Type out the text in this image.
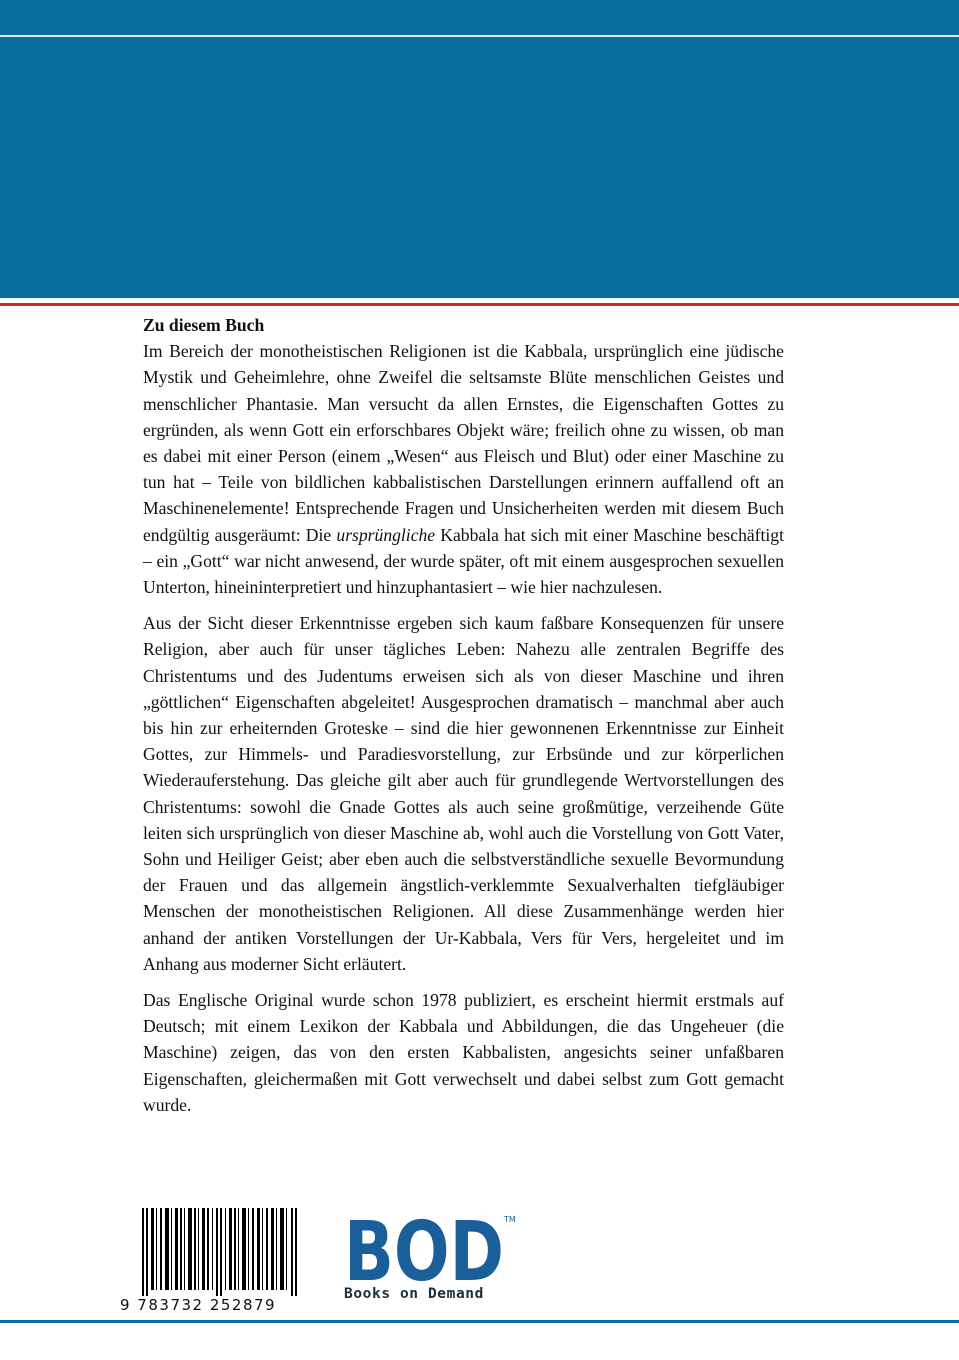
Zu diesem Buch

Im Bereich der monotheistischen Religionen ist die Kabbala, ursprünglich eine jüdische Mystik und Geheimlehre, ohne Zweifel die seltsamste Blüte menschlichen Geistes und menschlicher Phantasie. Man versucht da allen Ernstes, die Eigenschaften Gottes zu ergründen, als wenn Gott ein erforschbares Objekt wäre; freilich ohne zu wissen, ob man es dabei mit einer Person (einem „Wesen“ aus Fleisch und Blut) oder einer Maschine zu tun hat – Teile von bildlichen kabbalistischen Darstellungen erinnern auffallend oft an Maschinenelemente! Entsprechende Fragen und Unsicherheiten werden mit diesem Buch endgültig ausgeräumt: Die ursprüngliche Kabbala hat sich mit einer Maschine beschäftigt – ein „Gott“ war nicht anwesend, der wurde später, oft mit einem ausgesprochen sexuellen Unterton, hineininterpretiert und hinzuphantasiert – wie hier nachzulesen.

Aus der Sicht dieser Erkenntnisse ergeben sich kaum faßbare Konsequenzen für unsere Religion, aber auch für unser tägliches Leben: Nahezu alle zentralen Begriffe des Christentums und des Judentums erweisen sich als von dieser Maschine und ihren „göttlichen“ Eigenschaften abgeleitet! Ausgesprochen dramatisch – manchmal aber auch bis hin zur erheiternden Groteske – sind die hier gewonnenen Erkenntnisse zur Einheit Gottes, zur Himmels- und Paradiesvorstellung, zur Erbsünde und zur körperlichen Wiederauferstehung. Das gleiche gilt aber auch für grundlegende Wertvorstellungen des Christentums: sowohl die Gnade Gottes als auch seine großmütige, verzeihende Güte leiten sich ursprünglich von dieser Maschine ab, wohl auch die Vorstellung von Gott Vater, Sohn und Heiliger Geist; aber eben auch die selbstverständliche sexuelle Bevormundung der Frauen und das allgemein ängstlich-verklemmte Sexualverhalten tiefgläubiger Menschen der monotheistischen Religionen. All diese Zusammenhänge werden hier anhand der antiken Vorstellungen der Ur-Kabbala, Vers für Vers, hergeleitet und im Anhang aus moderner Sicht erläutert.

Das Englische Original wurde schon 1978 publiziert, es erscheint hiermit erstmals auf Deutsch; mit einem Lexikon der Kabbala und Abbildungen, die das Ungeheuer (die Maschine) zeigen, das von den ersten Kabbalisten, angesichts seiner unfaßbaren Eigenschaften, gleichermaßen mit Gott verwechselt und dabei selbst zum Gott gemacht wurde.

9 783732 252879
BOD TM
Books on Demand
